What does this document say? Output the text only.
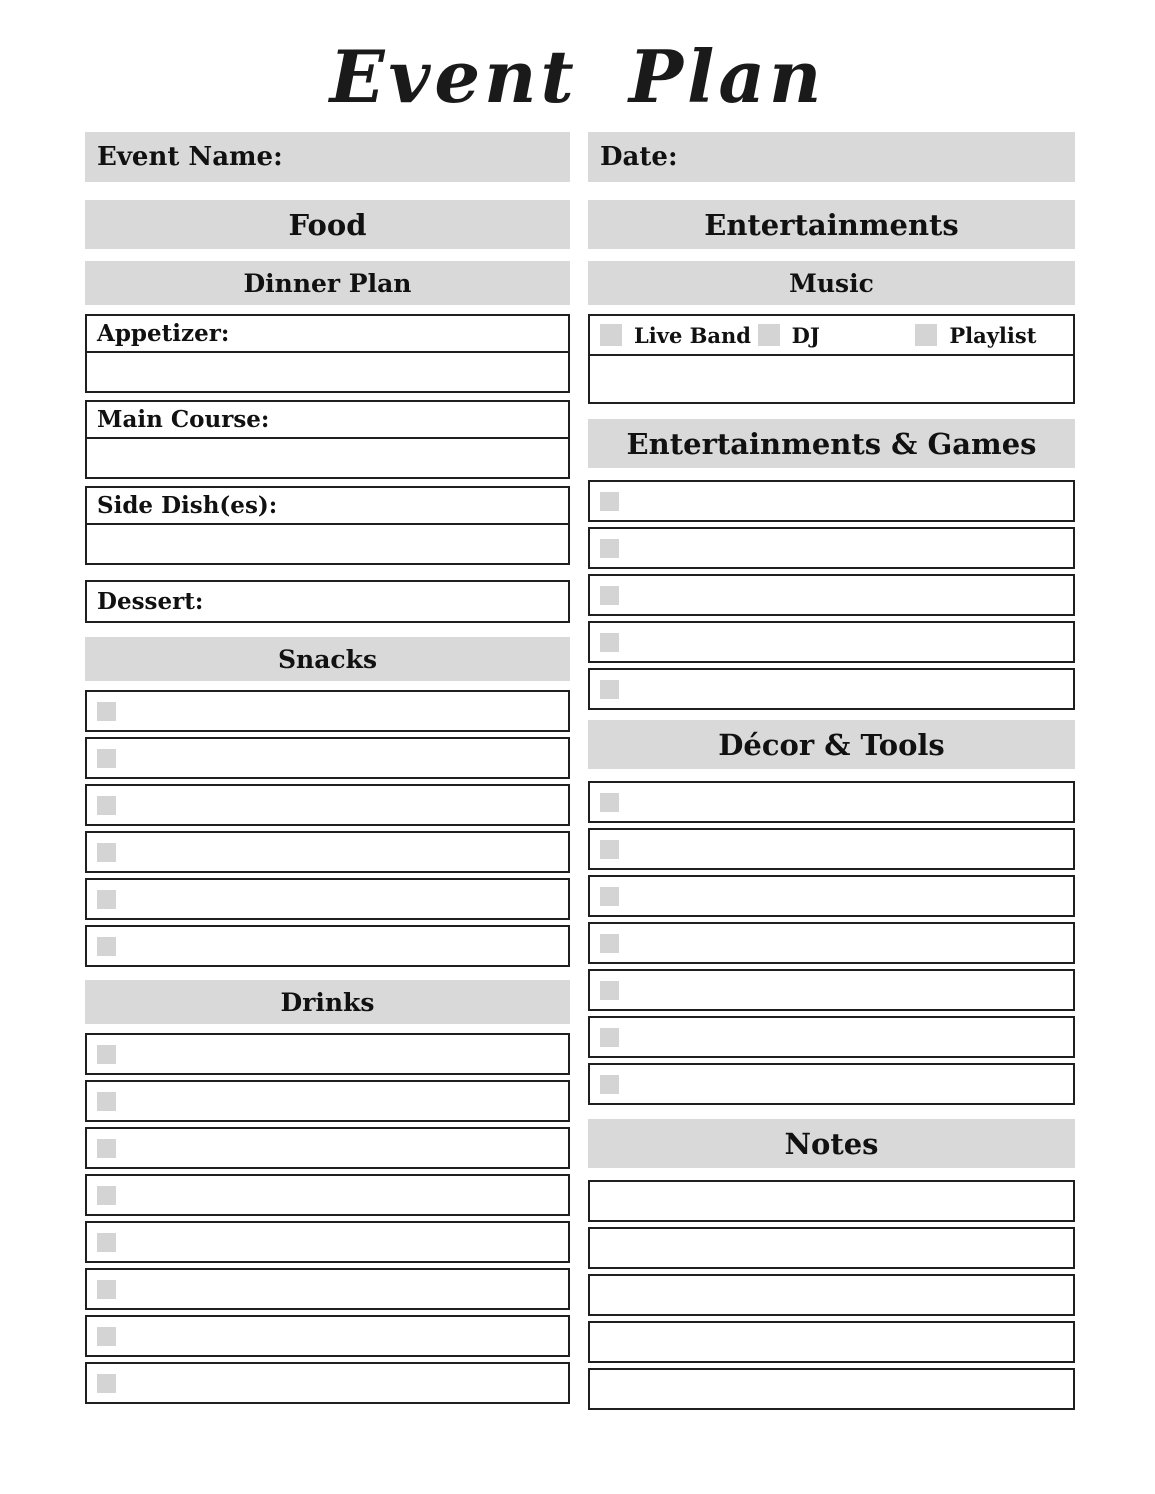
Event Plan
Event Name:
Food
Dinner Plan
Appetizer:
Main Course:
Side Dish(es):
Dessert:
Snacks
Drinks
Date:
Entertainments
Music
Live Band DJ	Playlist
Entertainments & Games
Décor & Tools
Notes
